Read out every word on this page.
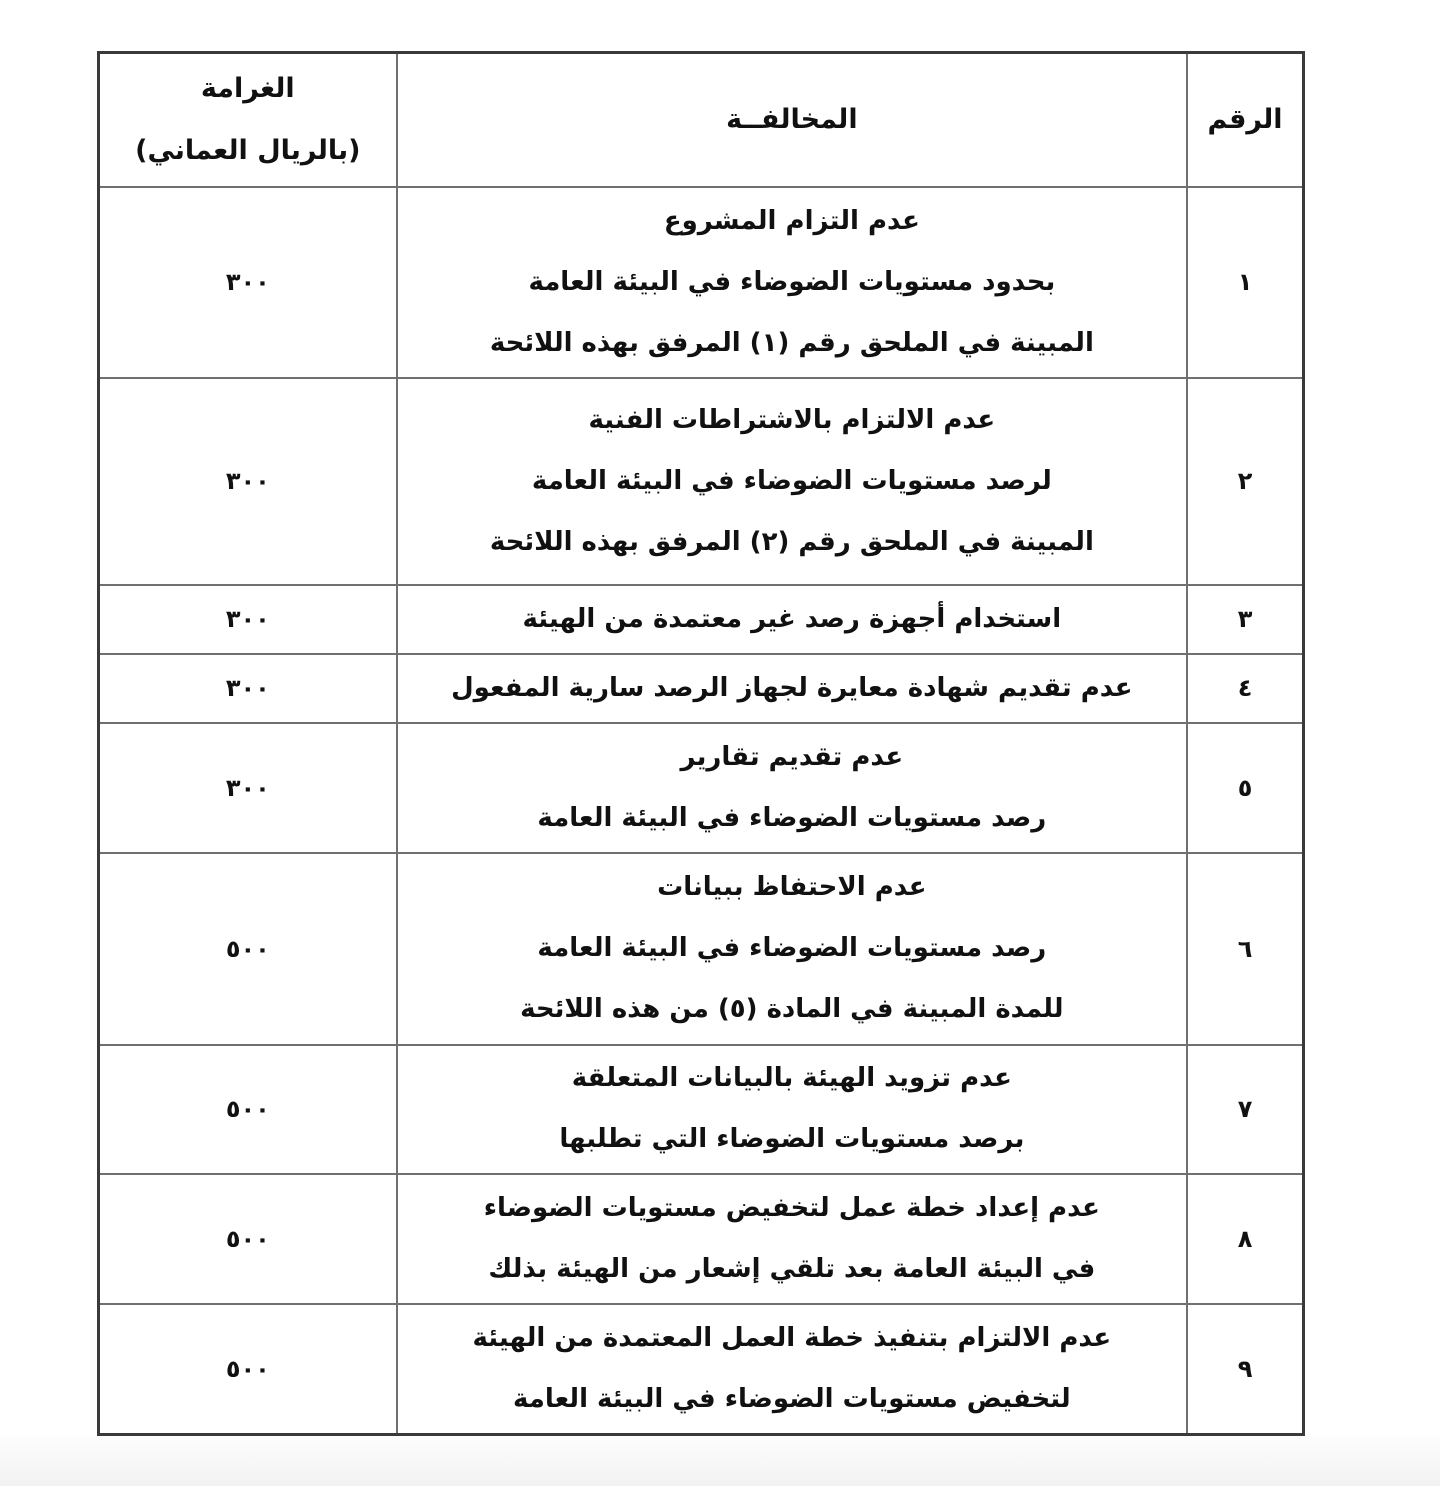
الرقم	المخالفــة	الغرامة
(بالريال العماني)

١	عدم التزام المشروع
بحدود مستويات الضوضاء في البيئة العامة
المبينة في الملحق رقم (١) المرفق بهذه اللائحة	٣٠٠
٢	عدم الالتزام بالاشتراطات الفنية
لرصد مستويات الضوضاء في البيئة العامة
المبينة في الملحق رقم (٢) المرفق بهذه اللائحة	٣٠٠
٣	استخدام أجهزة رصد غير معتمدة من الهيئة	٣٠٠
٤	عدم تقديم شهادة معايرة لجهاز الرصد سارية المفعول	٣٠٠
٥	عدم تقديم تقارير
رصد مستويات الضوضاء في البيئة العامة	٣٠٠
٦	عدم الاحتفاظ ببيانات
رصد مستويات الضوضاء في البيئة العامة
للمدة المبينة في المادة (٥) من هذه اللائحة	٥٠٠
٧	عدم تزويد الهيئة بالبيانات المتعلقة
برصد مستويات الضوضاء التي تطلبها	٥٠٠
٨	عدم إعداد خطة عمل لتخفيض مستويات الضوضاء
في البيئة العامة بعد تلقي إشعار من الهيئة بذلك	٥٠٠
٩	عدم الالتزام بتنفيذ خطة العمل المعتمدة من الهيئة
لتخفيض مستويات الضوضاء في البيئة العامة	٥٠٠
